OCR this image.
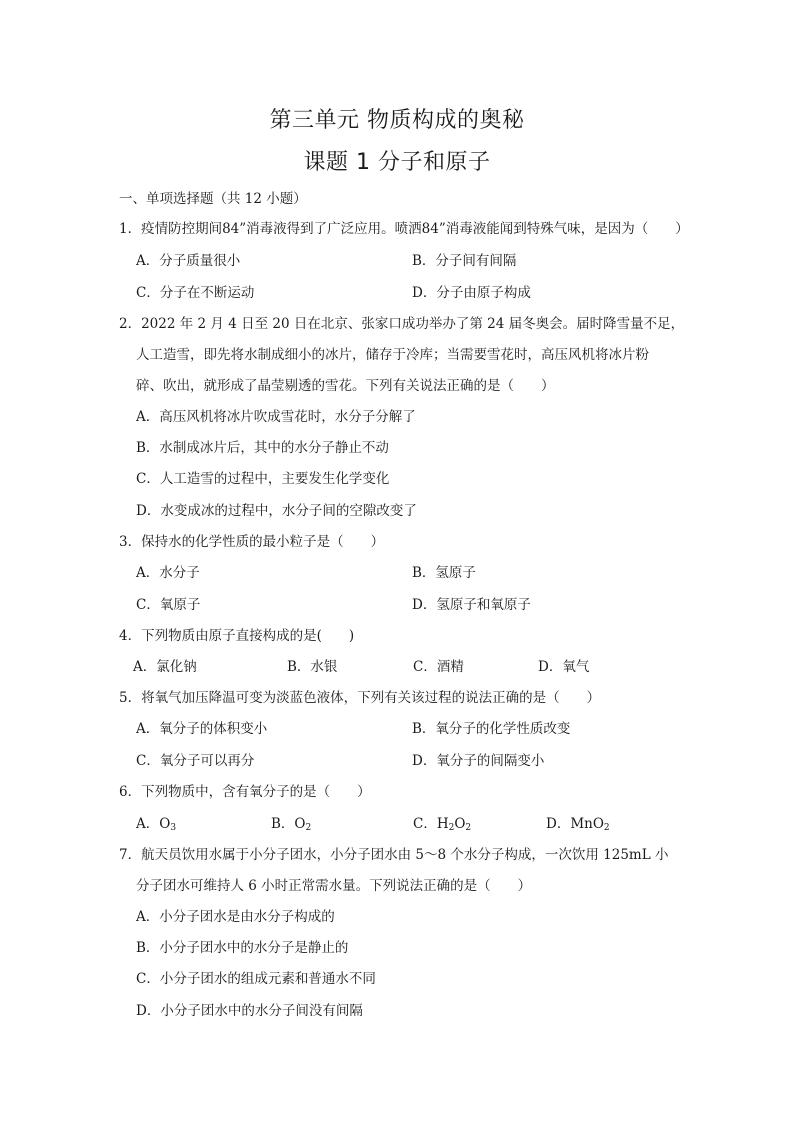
第三单元 物质构成的奥秘
课题 1 分子和原子
一、单项选择题（共 12 小题）
1．疫情防控期间84”消毒液得到了广泛应用。喷洒84”消毒液能闻到特殊气味，是因为（　　）
A．分子质量很小	B．分子间有间隔
C．分子在不断运动	D．分子由原子构成
2．2022 年 2 月 4 日至 20 日在北京、张家口成功举办了第 24 届冬奥会。届时降雪量不足，
人工造雪，即先将水制成细小的冰片，储存于冷库；当需要雪花时，高压风机将冰片粉
碎、吹出，就形成了晶莹剔透的雪花。下列有关说法正确的是（　　）
A．高压风机将冰片吹成雪花时，水分子分解了
B．水制成冰片后，其中的水分子静止不动
C．人工造雪的过程中，主要发生化学变化
D．水变成冰的过程中，水分子间的空隙改变了
3．保持水的化学性质的最小粒子是（　　）
A．水分子	B．氢原子
C．氧原子	D．氢原子和氧原子
4．下列物质由原子直接构成的是(　　)
A．氯化钠	B．水银	C．酒精	D．氧气
5．将氧气加压降温可变为淡蓝色液体，下列有关该过程的说法正确的是（　　）
A．氧分子的体积变小	B．氧分子的化学性质改变
C．氧分子可以再分	D．氧分子的间隔变小
6．下列物质中，含有氧分子的是（　　）
A．$O_3$	B．$O_2$	C．$H_2O_2$	D．MnO$_2$
7．航天员饮用水属于小分子团水，小分子团水由 5～8 个水分子构成，一次饮用 125mL 小
分子团水可维持人 6 小时正常需水量。下列说法正确的是（　　）
A．小分子团水是由水分子构成的
B．小分子团水中的水分子是静止的
C．小分子团水的组成元素和普通水不同
D．小分子团水中的水分子间没有间隔
